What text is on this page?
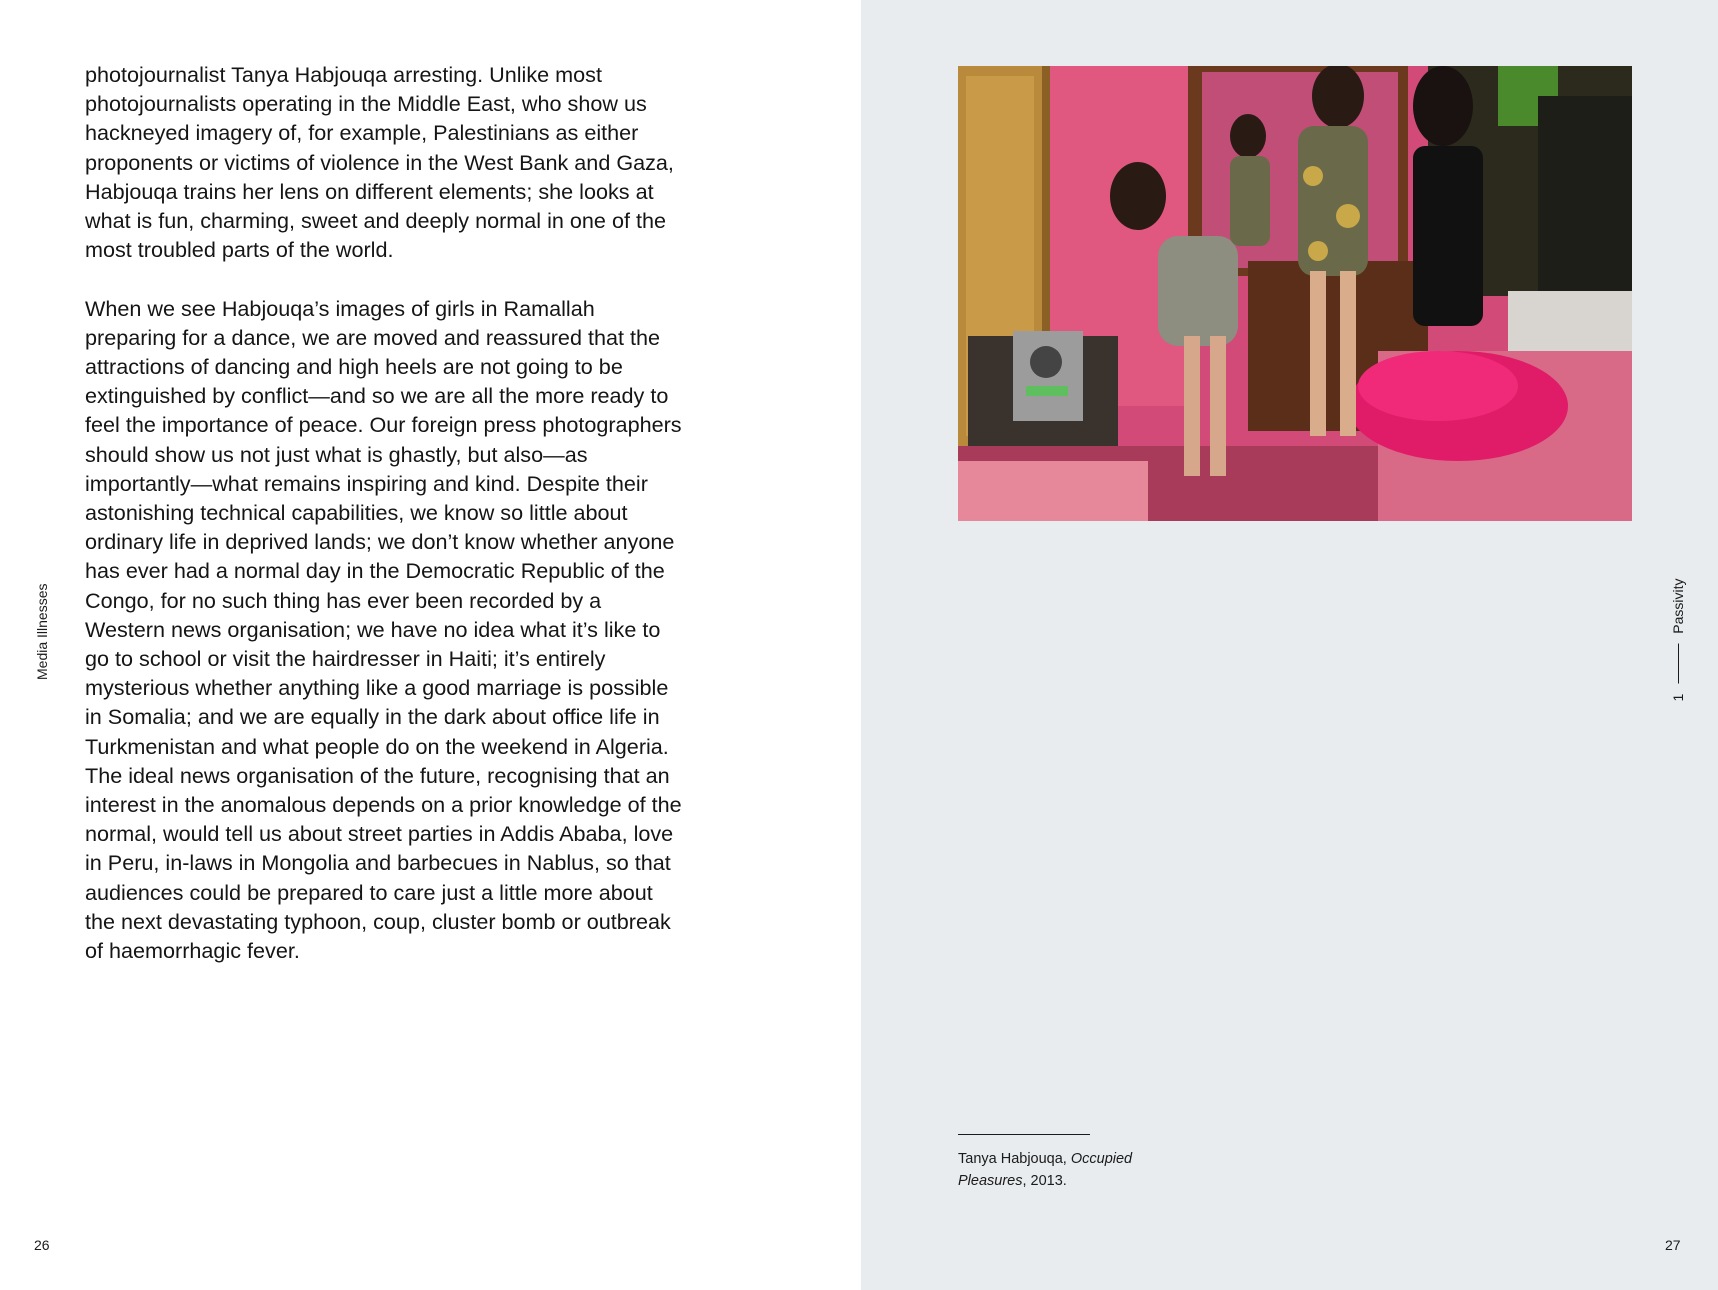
photojournalist Tanya Habjouqa arresting. Unlike most photojournalists operating in the Middle East, who show us hackneyed imagery of, for example, Palestinians as either proponents or victims of violence in the West Bank and Gaza, Habjouqa trains her lens on different elements; she looks at what is fun, charming, sweet and deeply normal in one of the most troubled parts of the world.

When we see Habjouqa’s images of girls in Ramallah preparing for a dance, we are moved and reassured that the attractions of dancing and high heels are not going to be extinguished by conflict—and so we are all the more ready to feel the importance of peace. Our foreign press photographers should show us not just what is ghastly, but also—as importantly—what remains inspiring and kind. Despite their astonishing technical capabilities, we know so little about ordinary life in deprived lands; we don’t know whether anyone has ever had a normal day in the Democratic Republic of the Congo, for no such thing has ever been recorded by a Western news organisation; we have no idea what it’s like to go to school or visit the hairdresser in Haiti; it’s entirely mysterious whether anything like a good marriage is possible in Somalia; and we are equally in the dark about office life in Turkmenistan and what people do on the weekend in Algeria. The ideal news organisation of the future, recognising that an interest in the anomalous depends on a prior knowledge of the normal, would tell us about street parties in Addis Ababa, love in Peru, in-laws in Mongolia and barbecues in Nablus, so that audiences could be prepared to care just a little more about the next devastating typhoon, coup, cluster bomb or outbreak of haemorrhagic fever.

Media Illnesses
26
1
Passivity
Tanya Habjouqa, Occupied Pleasures, 2013.
27
